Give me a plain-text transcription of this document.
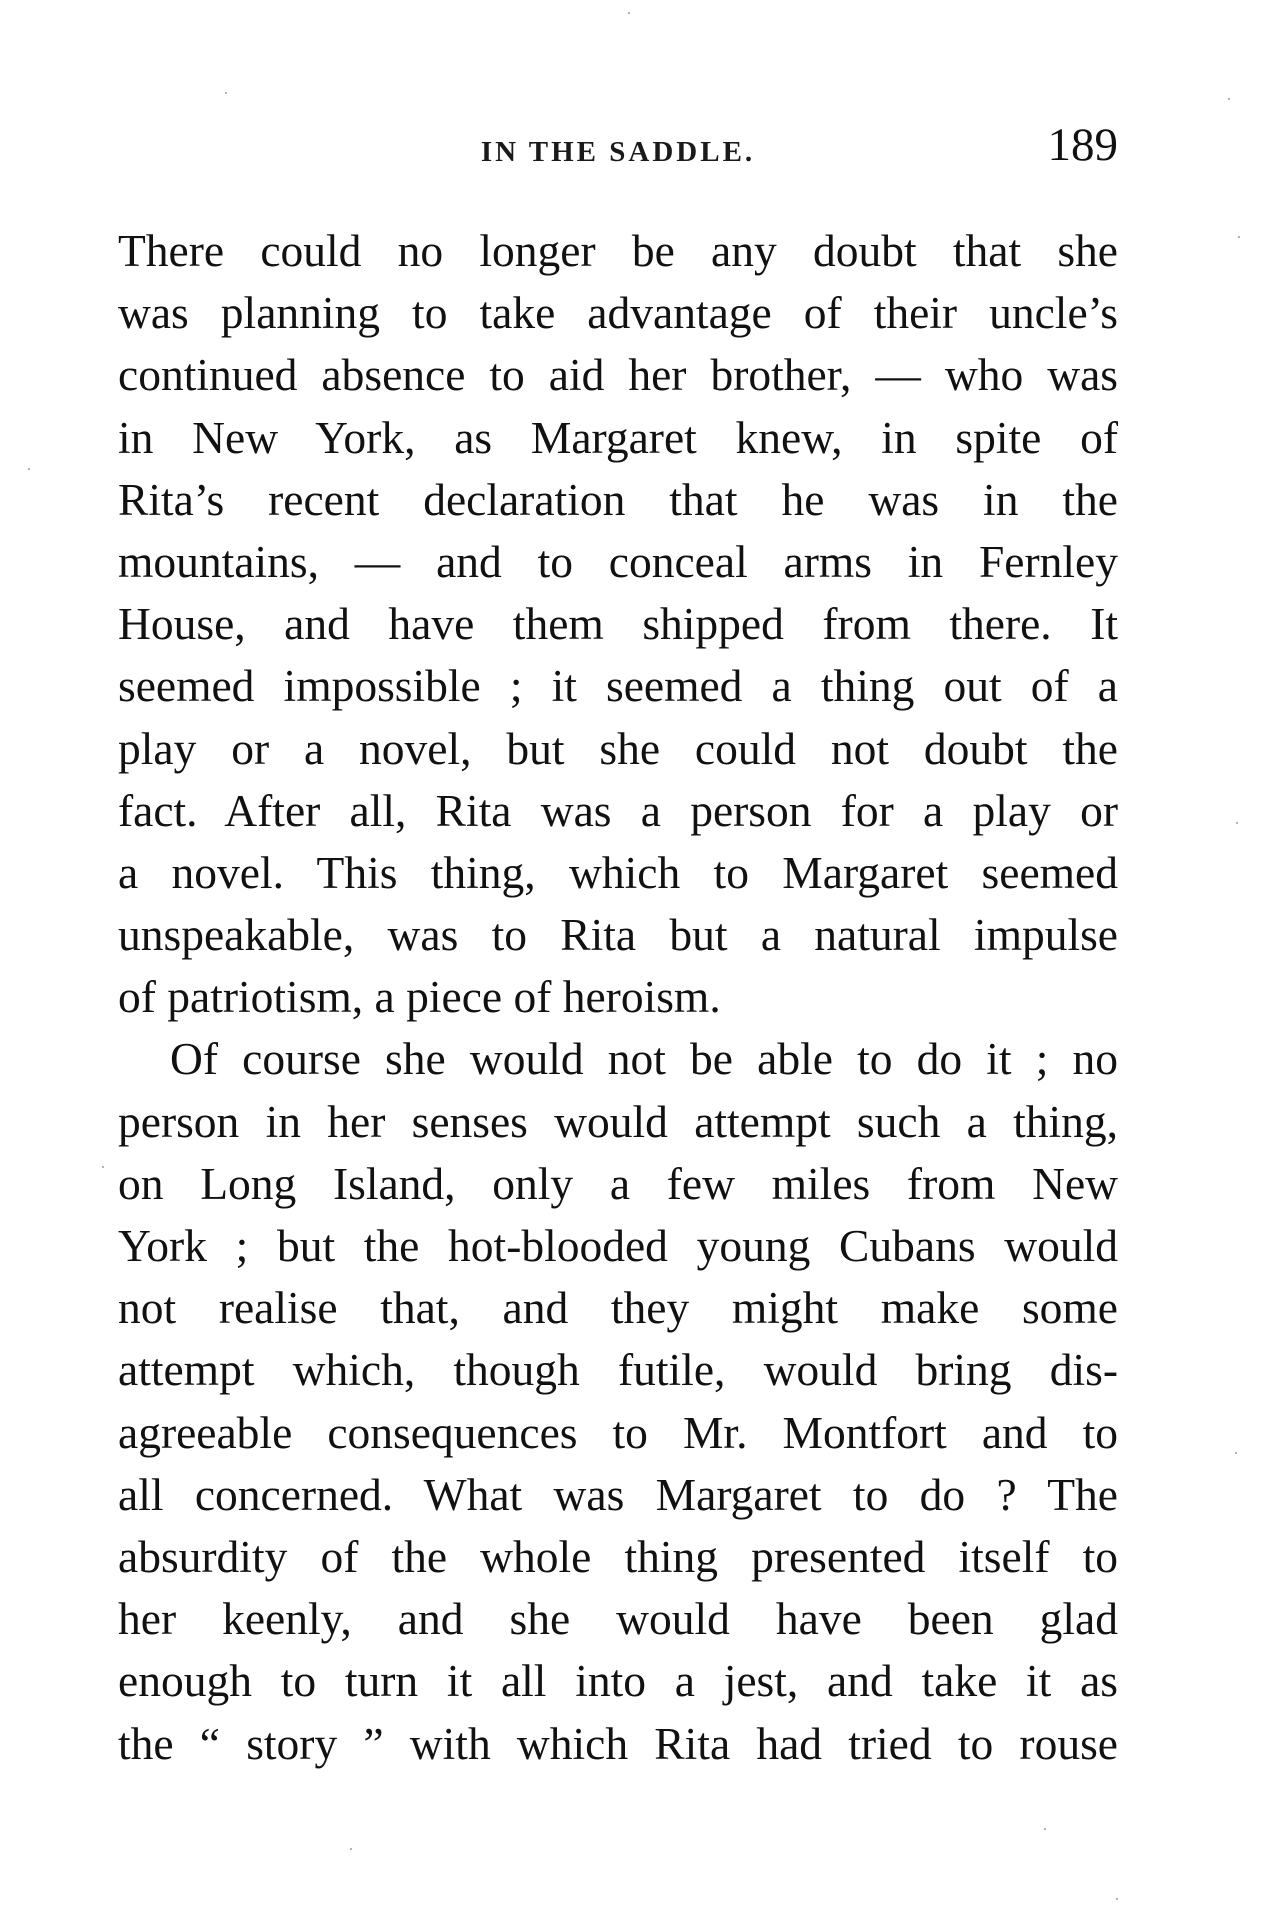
IN THE SADDLE.	189
There could no longer be any doubt that she
was planning to take advantage of their uncle’s
continued absence to aid her brother, — who was
in New York, as Margaret knew, in spite of
Rita’s recent declaration that he was in the
mountains, — and to conceal arms in Fernley
House, and have them shipped from there. It
seemed impossible ; it seemed a thing out of a
play or a novel, but she could not doubt the
fact. After all, Rita was a person for a play or
a novel. This thing, which to Margaret seemed
unspeakable, was to Rita but a natural impulse
of patriotism, a piece of heroism.
Of course she would not be able to do it ; no
person in her senses would attempt such a thing,
on Long Island, only a few miles from New
York ; but the hot-blooded young Cubans would
not realise that, and they might make some
attempt which, though futile, would bring dis-
agreeable consequences to Mr. Montfort and to
all concerned. What was Margaret to do ? The
absurdity of the whole thing presented itself to
her keenly, and she would have been glad
enough to turn it all into a jest, and take it as
the “ story ” with which Rita had tried to rouse
